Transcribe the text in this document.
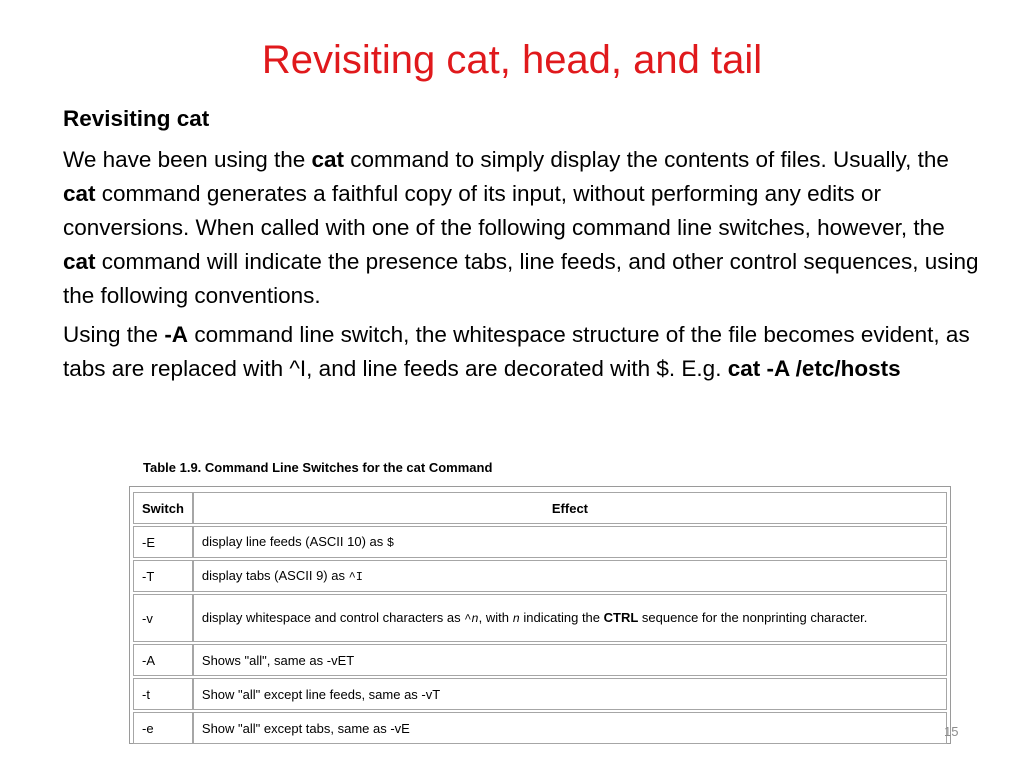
Revisiting cat, head, and tail

Revisiting cat

We have been using the cat command to simply display the contents of files. Usually, the cat command generates a faithful copy of its input, without performing any edits or conversions. When called with one of the following command line switches, however, the cat command will indicate the presence tabs, line feeds, and other control sequences, using the following conventions.

Using the -A command line switch, the whitespace structure of the file becomes evident, as tabs are replaced with ^I, and line feeds are decorated with $. E.g. cat -A /etc/hosts

Table 1.9. Command Line Switches for the cat Command
Switch	Effect
-E	display line feeds (ASCII 10) as $
-T	display tabs (ASCII 9) as ^I
-v	display whitespace and control characters as ^n, with n indicating the CTRL sequence for the nonprinting character.
-A	Shows "all", same as -vET
-t	Show "all" except line feeds, same as -vT
-e	Show "all" except tabs, same as -vE	15
